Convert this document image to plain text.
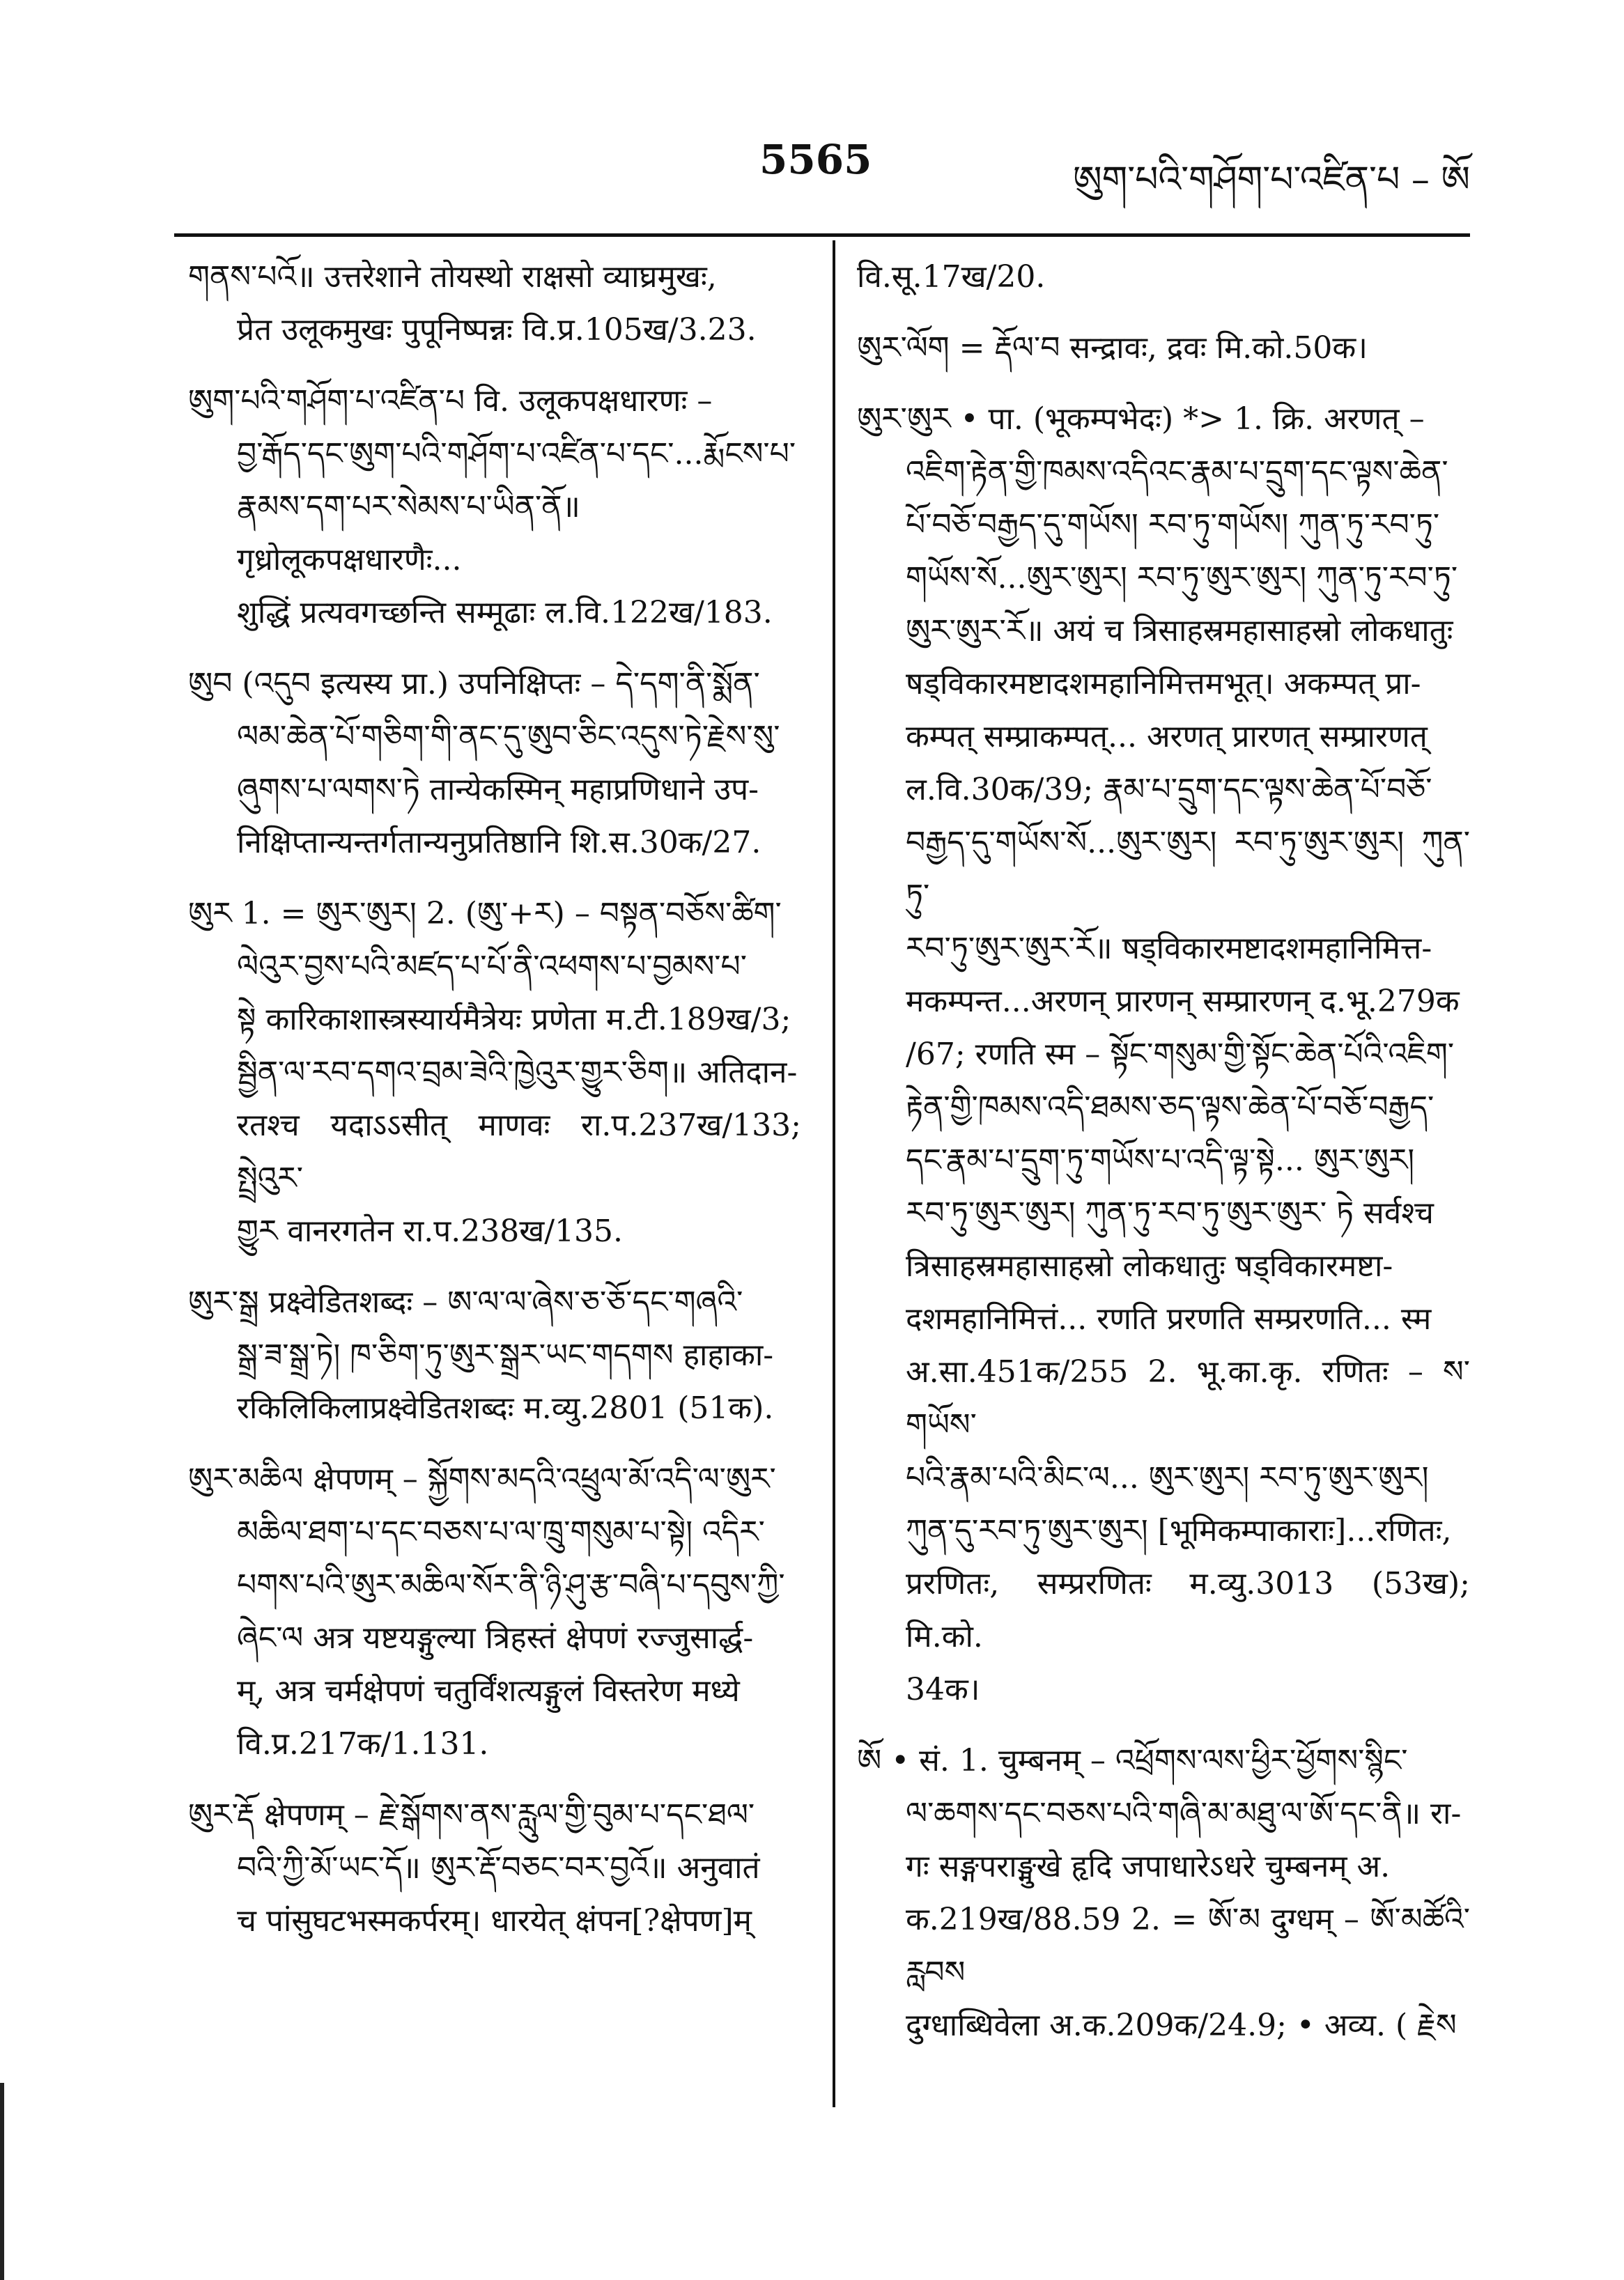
5565	ཨུག་པའི་གཤོག་པ་འཛིན་པ – ཨོ
གནས་པའོ॥ उत्तरेशाने तोयस्थो राक्षसो व्याघ्रमुखः,
प्रेत उलूकमुखः पुपूनिष्पन्नः वि.प्र.105ख/3.23.
ཨུག་པའི་གཤོག་པ་འཛིན་པ वि. उलूकपक्षधारणः –
བྱ་རྒོད་དང་ཨུག་པའི་གཤོག་པ་འཛིན་པ་དང་...རྨོངས་པ་
རྣམས་དག་པར་སེམས་པ་ཡིན་ནོ॥ गृध्रोलूकपक्षधारणैः...
शुद्धिं प्रत्यवगच्छन्ति सम्मूढाः ल.वि.122ख/183.
ཨུབ (འདུབ इत्यस्य प्रा.) उपनिक्षिप्तः – དེ་དག་ནི་སྨོན་
ལམ་ཆེན་པོ་གཅིག་གི་ནང་དུ་ཨུབ་ཅིང་འདུས་ཏེ་རྗེས་སུ་
ཞུགས་པ་ལགས་ཏེ तान्येकस्मिन् महाप्रणिधाने उप-
निक्षिप्तान्यन्तर्गतान्यनुप्रतिष्ठानि शि.स.30क/27.
ཨུར 1. = ཨུར་ཨུར། 2. (ཨུ་+ར) – བསྟན་བཅོས་ཚིག་
ལེའུར་བྱས་པའི་མཛད་པ་པོ་ནི་འཕགས་པ་བྱམས་པ་
སྟེ कारिकाशास्त्रस्यार्यमैत्रेयः प्रणेता म.टी.189ख/3;
སྦྱིན་ལ་རབ་དགའ་བྲམ་ཟེའི་ཁྱེའུར་གྱུར་ཅིག॥ अतिदान-
रतश्च यदाऽऽसीत् माणवः रा.प.237ख/133; སྤྲེའུར་
གྱུར वानरगतेन रा.प.238ख/135.
ཨུར་སྒྲ प्रक्ष्वेडितशब्दः – ཨ་ལ་ལ་ཞེས་ཅ་ཅོ་དང་གཞའི་
སྒྲ་ཟ་སྒྲ་ཏེ། ཁ་ཅིག་ཏུ་ཨུར་སྒྲར་ཡང་གདགས हाहाका-
रकिलिकिलाप्रक्ष्वेडितशब्दः म.व्यु.2801 (51क).
ཨུར་མཆིལ क्षेपणम् – སྐྱོགས་མདའི་འཕྲུལ་མོ་འདི་ལ་ཨུར་
མཆིལ་ཐག་པ་དང་བཅས་པ་ལ་ཁྲུ་གསུམ་པ་སྟེ། འདིར་
པགས་པའི་ཨུར་མཆིལ་སོར་ནི་ཉི་ཤུ་རྩ་བཞི་པ་དབུས་ཀྱི་
ཞེང་ལ अत्र यष्टयङ्गुल्या त्रिहस्तं क्षेपणं रज्जुसार्द्ध-
म्, अत्र चर्मक्षेपणं चतुर्विंशत्यङ्गुलं विस्तरेण मध्ये
वि.प्र.217क/1.131.
ཨུར་རྡོ क्षेपणम् – རྗེ་སྒོགས་ནས་རླུལ་གྱི་བུམ་པ་དང་ཐལ་
བའི་ཀྱི་མོ་ཡང་དོ॥ ཨུར་རྡོ་བཅང་བར་བྱའོ॥ अनुवातं
च पांसुघटभस्मकर्परम्। धारयेत् क्षंपन[?क्षेपण]म्
वि.सू.17ख/20.
ཨུར་ལོག = རྡོལ་བ सन्द्रावः, द्रवः मि.को.50क।
ཨུར་ཨུར • पा. (भूकम्पभेदः) *> 1. क्रि. अरणत् –
འཇིག་རྟེན་གྱི་ཁམས་འདིའང་རྣམ་པ་དྲུག་དང་ལྟས་ཆེན་
པོ་བཅོ་བརྒྱད་དུ་གཡོས། རབ་ཏུ་གཡོས། ཀུན་ཏུ་རབ་ཏུ་
གཡོས་སོ...ཨུར་ཨུར། རབ་ཏུ་ཨུར་ཨུར། ཀུན་ཏུ་རབ་ཏུ་
ཨུར་ཨུར་རོ॥ अयं च त्रिसाहस्रमहासाहस्रो लोकधातुः
षड्विकारमष्टादशमहानिमित्तमभूत्। अकम्पत् प्रा-
कम्पत् सम्प्राकम्पत्... अरणत् प्रारणत् सम्प्रारणत्
ल.वि.30क/39; རྣམ་པ་དྲུག་དང་ལྟས་ཆེན་པོ་བཅོ་
བརྒྱད་དུ་གཡོས་སོ...ཨུར་ཨུར། རབ་ཏུ་ཨུར་ཨུར། ཀུན་ཏུ་
རབ་ཏུ་ཨུར་ཨུར་རོ॥ षड्विकारमष्टादशमहानिमित्त-
मकम्पन्त...अरणन् प्रारणन् सम्प्रारणन् द.भू.279क
/67; रणति स्म – སྟོང་གསུམ་གྱི་སྟོང་ཆེན་པོའི་འཇིག་
རྟེན་གྱི་ཁམས་འདི་ཐམས་ཅད་ལྟས་ཆེན་པོ་བཅོ་བརྒྱད་
དང་རྣམ་པ་དྲུག་ཏུ་གཡོས་པ་འདི་ལྟ་སྟེ... ཨུར་ཨུར།
རབ་ཏུ་ཨུར་ཨུར། ཀུན་ཏུ་རབ་ཏུ་ཨུར་ཨུར་ ཏེ सर्वश्च
त्रिसाहस्रमहासाहस्रो लोकधातुः षड्विकारमष्टा-
दशमहानिमित्तं... रणति प्ररणति सम्प्ररणति... स्म
अ.सा.451क/255 2. भू.का.कृ. रणितः – ས་གཡོས་
པའི་རྣམ་པའི་མིང་ལ... ཨུར་ཨུར། རབ་ཏུ་ཨུར་ཨུར།
ཀུན་དུ་རབ་ཏུ་ཨུར་ཨུར། [भूमिकम्पाकाराः]...रणितः,
प्ररणितः, सम्प्ररणितः म.व्यु.3013 (53ख); मि.को.
34क।
ཨོ • सं. 1. चुम्बनम् – འཕྲོགས་ལས་ཕྱིར་ཕྱོགས་སྙིང་
ལ་ཆགས་དང་བཅས་པའི་གཞི་མ་མཐུ་ལ་ཨོ་དང་ནི॥ रा-
गः सङ्गपराङ्मुखे हृदि जपाधारेऽधरे चुम्बनम् अ.
क.219ख/88.59 2. = ཨོ་མ दुग्धम् – ཨོ་མཚོའི་རླབས
दुग्धाब्धिवेला अ.क.209क/24.9; • अव्य. ( རྗེས
